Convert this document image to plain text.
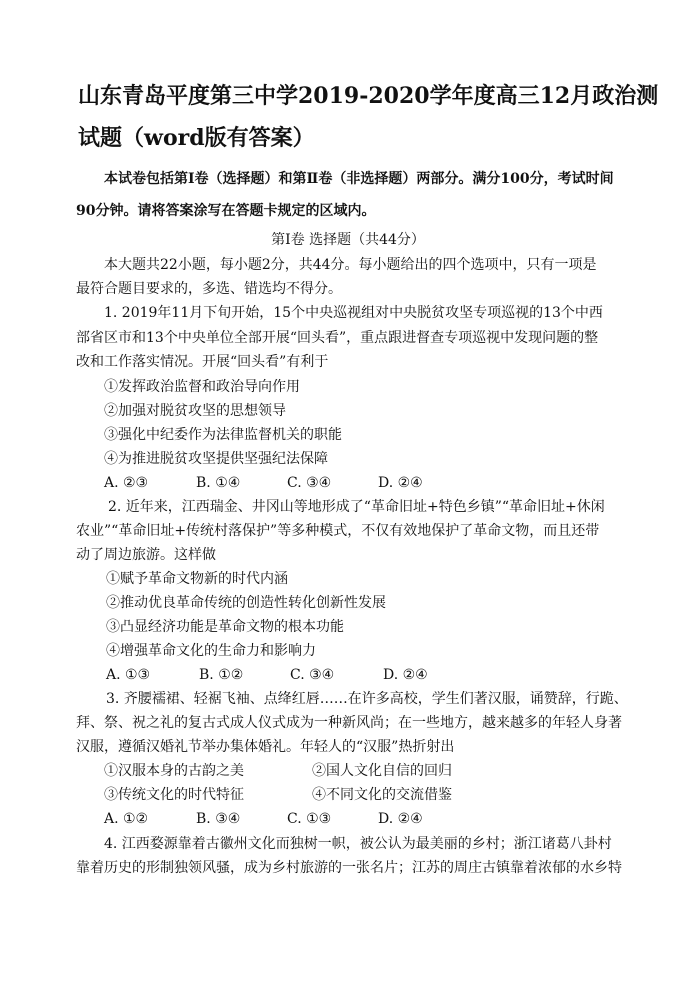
山东青岛平度第三中学2019-2020学年度高三12月政治测
试题（word版有答案）
本试卷包括第Ⅰ卷（选择题）和第Ⅱ卷（非选择题）两部分。满分100分，考试时间
90分钟。请将答案涂写在答题卡规定的区域内。
第Ⅰ卷 选择题（共44分）
本大题共22小题，每小题2分，共44分。每小题给出的四个选项中，只有一项是
最符合题目要求的，多选、错选均不得分。
1. 2019年11月下旬开始，15个中央巡视组对中央脱贫攻坚专项巡视的13个中西
部省区市和13个中央单位全部开展“回头看”，重点跟进督查专项巡视中发现问题的整
改和工作落实情况。开展“回头看”有利于
①发挥政治监督和政治导向作用
②加强对脱贫攻坚的思想领导
③强化中纪委作为法律监督机关的职能
④为推进脱贫攻坚提供坚强纪法保障
A. ②③	B. ①④	C. ③④	D. ②④
2. 近年来，江西瑞金、井冈山等地形成了“革命旧址+特色乡镇”“革命旧址+休闲
农业”“革命旧址+传统村落保护”等多种模式，不仅有效地保护了革命文物，而且还带
动了周边旅游。这样做
①赋予革命文物新的时代内涵
②推动优良革命传统的创造性转化创新性发展
③凸显经济功能是革命文物的根本功能
④增强革命文化的生命力和影响力
A. ①③	B. ①②	C. ③④	D. ②④
3. 齐腰襦裙、轻裾飞袖、点绛红唇……在许多高校，学生们著汉服，诵赞辞，行跪、
拜、祭、祝之礼的复古式成人仪式成为一种新风尚；在一些地方，越来越多的年轻人身著
汉服，遵循汉婚礼节举办集体婚礼。年轻人的“汉服”热折射出
①汉服本身的古韵之美	②国人文化自信的回归
③传统文化的时代特征	④不同文化的交流借鉴
A. ①②	B. ③④	C. ①③	D. ②④
4. 江西婺源靠着古徽州文化而独树一帜，被公认为最美丽的乡村；浙江诸葛八卦村
靠着历史的形制独领风骚，成为乡村旅游的一张名片；江苏的周庄古镇靠着浓郁的水乡特
